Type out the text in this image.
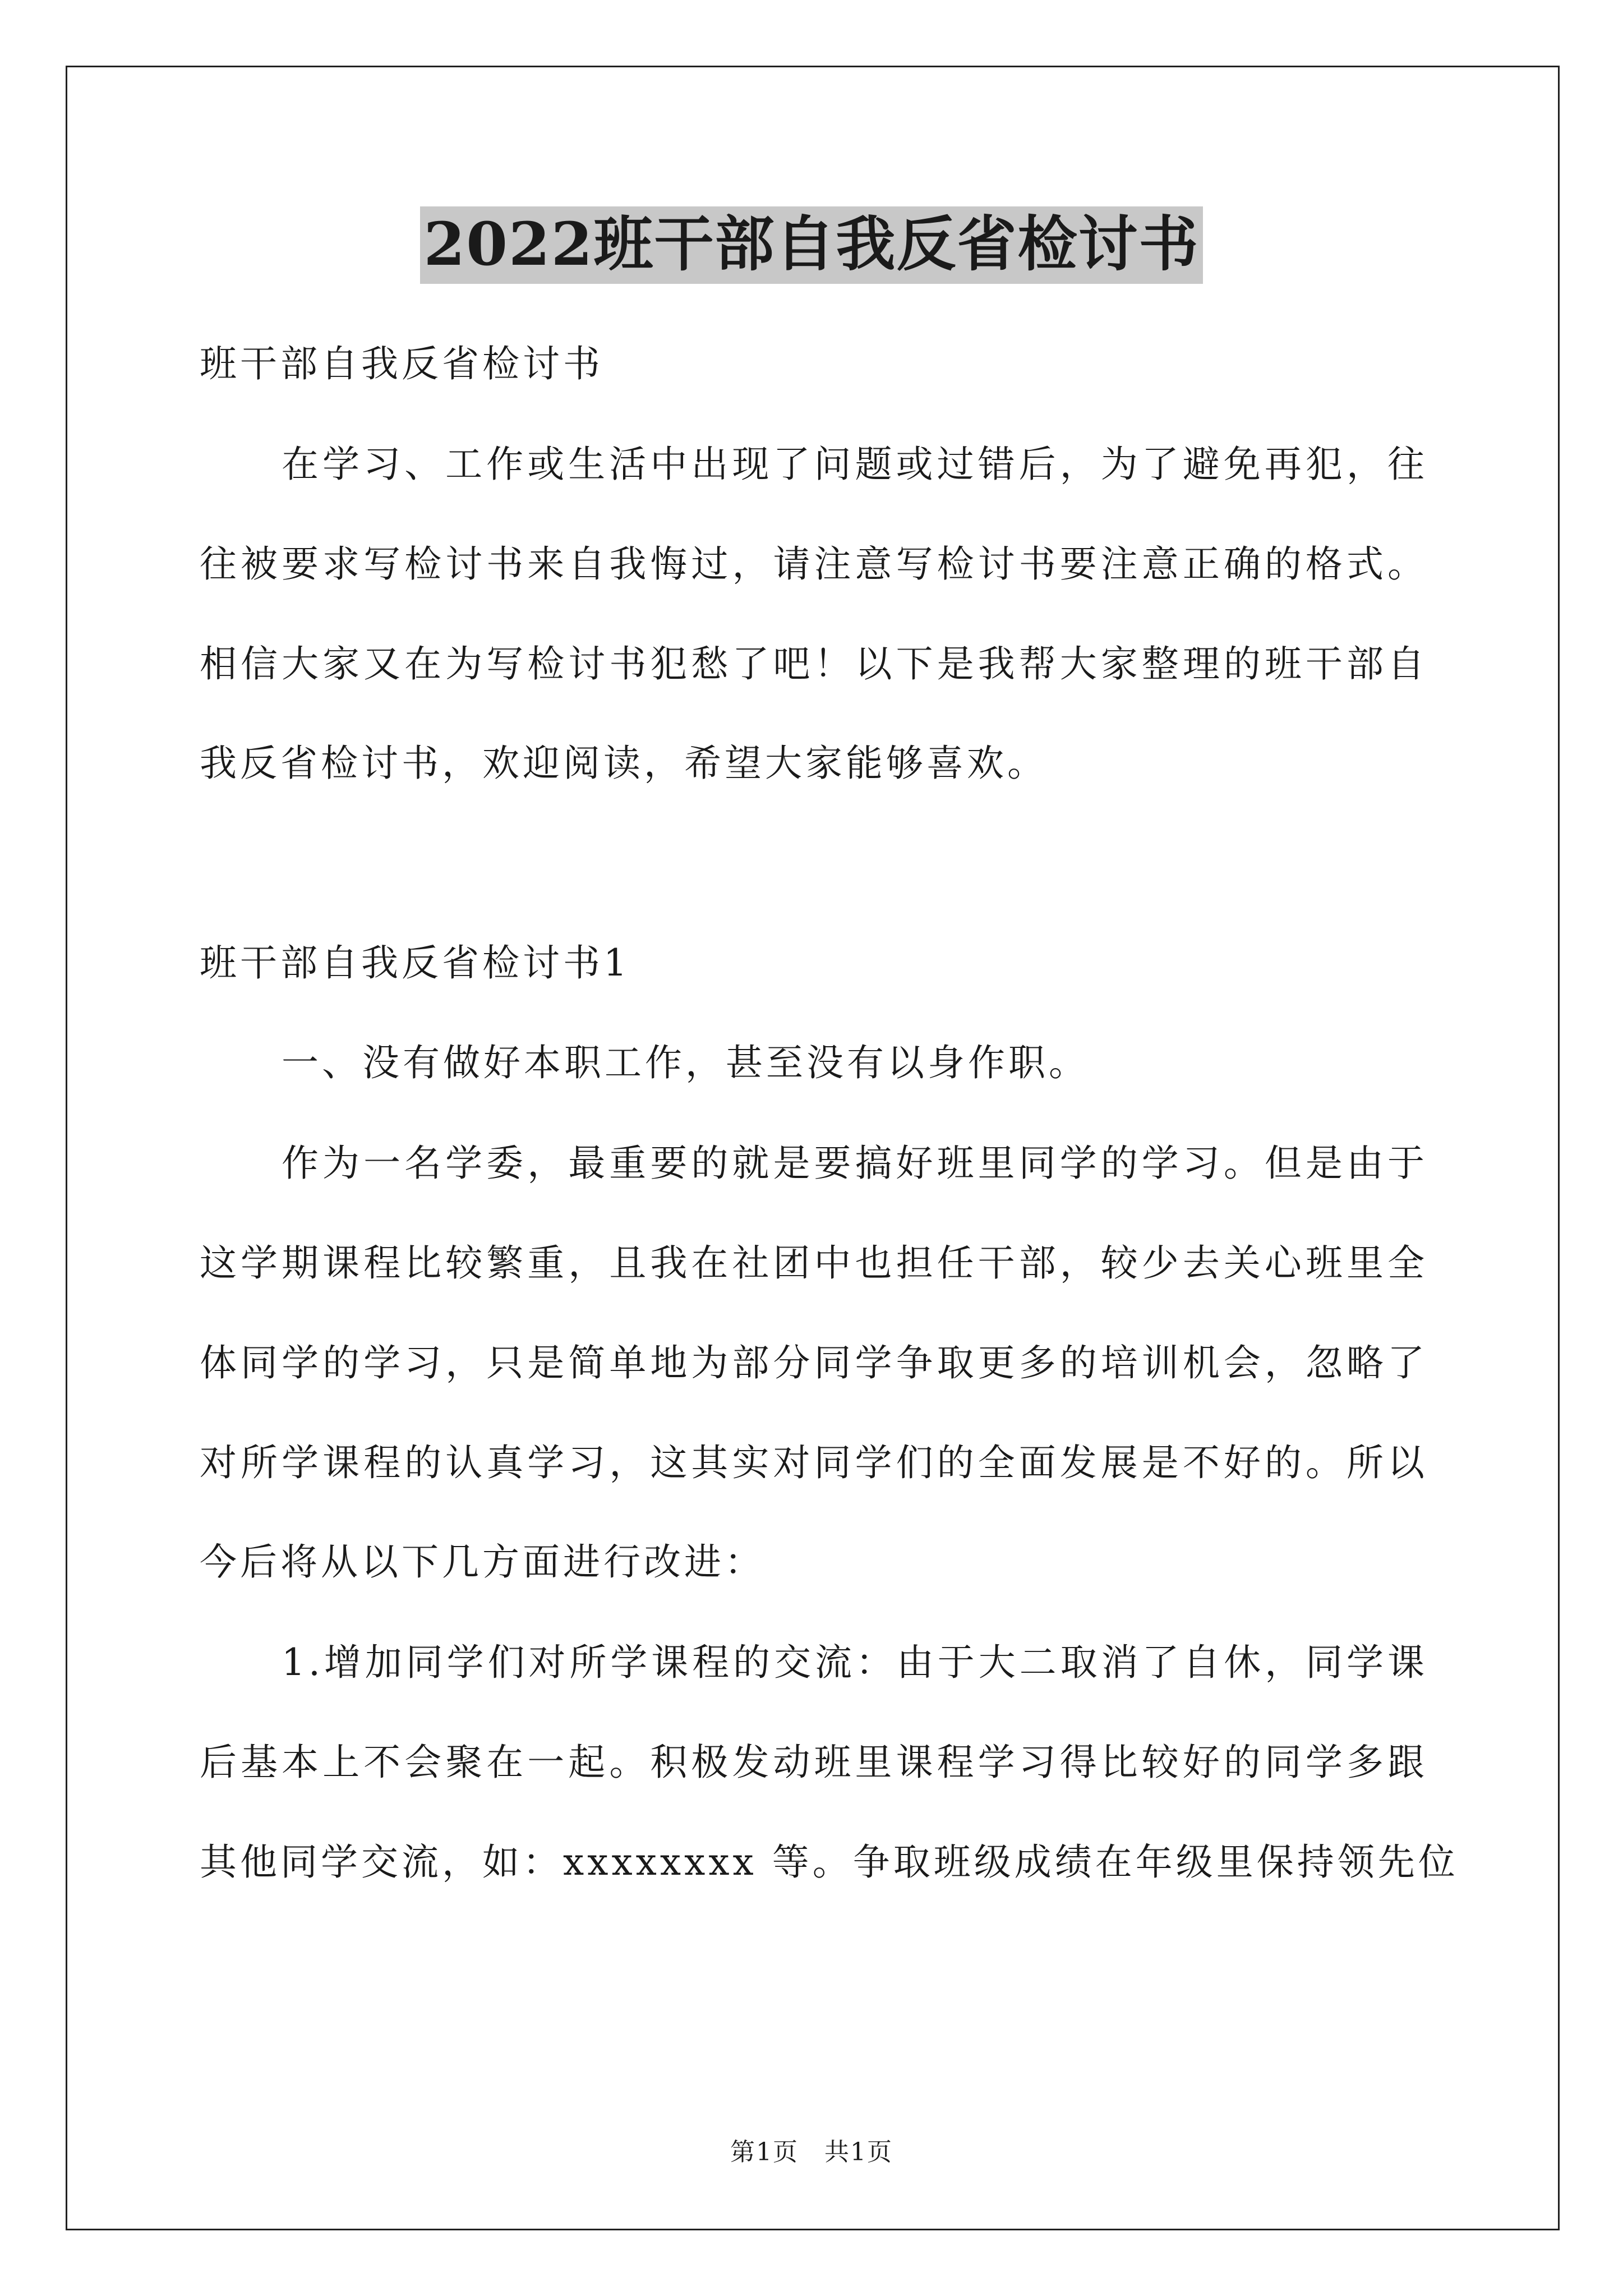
2022班干部自我反省检讨书
班干部自我反省检讨书
在学习、工作或生活中出现了问题或过错后，为了避免再犯，往
往被要求写检讨书来自我悔过，请注意写检讨书要注意正确的格式。
相信大家又在为写检讨书犯愁了吧！以下是我帮大家整理的班干部自
我反省检讨书，欢迎阅读，希望大家能够喜欢。
班干部自我反省检讨书1
一、没有做好本职工作，甚至没有以身作职。
作为一名学委，最重要的就是要搞好班里同学的学习。但是由于
这学期课程比较繁重，且我在社团中也担任干部，较少去关心班里全
体同学的学习，只是简单地为部分同学争取更多的培训机会，忽略了
对所学课程的认真学习，这其实对同学们的全面发展是不好的。所以
今后将从以下几方面进行改进：
1.增加同学们对所学课程的交流：由于大二取消了自休，同学课
后基本上不会聚在一起。积极发动班里课程学习得比较好的同学多跟
其他同学交流，如：xxxxxxxx 等。争取班级成绩在年级里保持领先位
第1页　共1页
